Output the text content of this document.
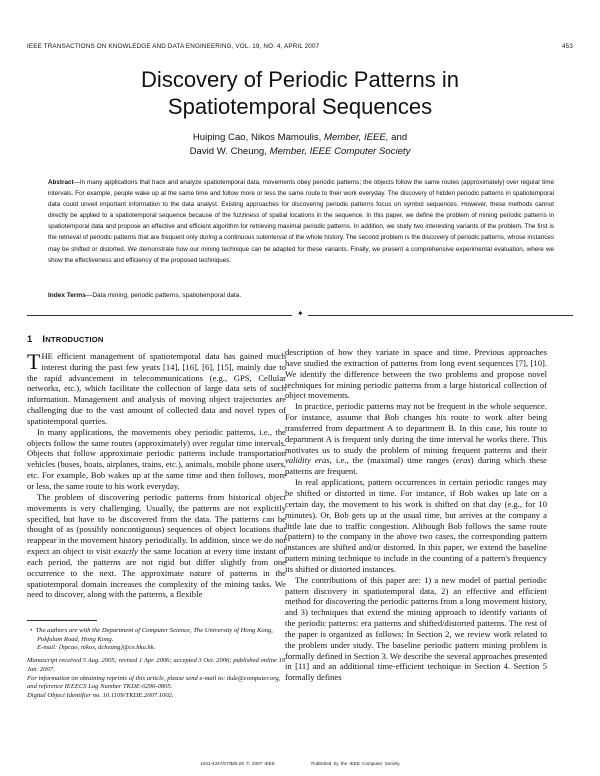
IEEE TRANSACTIONS ON KNOWLEDGE AND DATA ENGINEERING, VOL. 19, NO. 4, APRIL 2007	453
Discovery of Periodic Patterns in
Spatiotemporal Sequences
Huiping Cao, Nikos Mamoulis, Member, IEEE, and
David W. Cheung, Member, IEEE Computer Society
Abstract—In many applications that track and analyze spatiotemporal data, movements obey periodic patterns; the objects follow the same routes (approximately) over regular time intervals. For example, people wake up at the same time and follow more or less the same route to their work everyday. The discovery of hidden periodic patterns in spatiotemporal data could unveil important information to the data analyst. Existing approaches for discovering periodic patterns focus on symbol sequences. However, these methods cannot directly be applied to a spatiotemporal sequence because of the fuzziness of spatial locations in the sequence. In this paper, we define the problem of mining periodic patterns in spatiotemporal data and propose an effective and efficient algorithm for retrieving maximal periodic patterns. In addition, we study two interesting variants of the problem. The first is the retrieval of periodic patterns that are frequent only during a continuous subinterval of the whole history. The second problem is the discovery of periodic patterns, whose instances may be shifted or distorted. We demonstrate how our mining technique can be adapted for these variants. Finally, we present a comprehensive experimental evaluation, where we show the effectiveness and efficiency of the proposed techniques.
Index Terms—Data mining, periodic patterns, spatiotemporal data.
✦
1 INTRODUCTION

THE efficient management of spatiotemporal data has gained much interest during the past few years [14], [16], [6], [15], mainly due to the rapid advancement in telecommunications (e.g., GPS, Cellular networks, etc.), which facilitate the collection of large data sets of such information. Management and analysis of moving object trajectories are challenging due to the vast amount of collected data and novel types of spatiotemporal queries.

In many applications, the movements obey periodic patterns, i.e., the objects follow the same routes (approximately) over regular time intervals. Objects that follow approximate periodic patterns include transportation vehicles (buses, boats, airplanes, trains, etc.), animals, mobile phone users, etc. For example, Bob wakes up at the same time and then follows, more or less, the same route to his work everyday.

The problem of discovering periodic patterns from historical object movements is very challenging. Usually, the patterns are not explicitly specified, but have to be discovered from the data. The patterns can be thought of as (possibly noncontiguous) sequences of object locations that reappear in the movement history periodically. In addition, since we do not expect an object to visit exactly the same location at every time instant of each period, the patterns are not rigid but differ slightly from one occurrence to the next. The approximate nature of patterns in the spatiotemporal domain increases the complexity of the mining tasks. We need to discover, along with the patterns, a flexible

• The authors are with the Department of Computer Science, The University of Hong Kong, Pokfulam Road, Hong Kong.

E-mail: {hpcao, nikos, dcheung}@cs.hku.hk.

Manuscript received 5 Aug. 2005; revised 1 Apr. 2006; accepted 3 Oct. 2006; published online 19 Jan. 2007.

For information on obtaining reprints of this article, please send e-mail to: tkde@computer.org, and reference IEEECS Log Number TKDE-0296-0805.

Digital Object Identifier no. 10.1109/TKDE.2007.1002.

description of how they variate in space and time. Previous approaches have studied the extraction of patterns from long event sequences [7], [10]. We identify the difference between the two problems and propose novel techniques for mining periodic patterns from a large historical collection of object movements.

In practice, periodic patterns may not be frequent in the whole sequence. For instance, assume that Bob changes his route to work after being transferred from department A to department B. In this case, his route to department A is frequent only during the time interval he works there. This motivates us to study the problem of mining frequent patterns and their validity eras, i.e., the (maximal) time ranges (eras) during which these patterns are frequent.

In real applications, pattern occurrences in certain periodic ranges may be shifted or distorted in time. For instance, if Bob wakes up late on a certain day, the movement to his work is shifted on that day (e.g., for 10 minutes). Or, Bob gets up at the usual time, but arrives at the company a little late due to traffic congestion. Although Bob follows the same route (pattern) to the company in the above two cases, the corresponding pattern instances are shifted and/or distorted. In this paper, we extend the baseline pattern mining technique to include in the counting of a pattern's frequency its shifted or distorted instances.

The contributions of this paper are: 1) a new model of partial periodic pattern discovery in spatiotemporal data, 2) an effective and efficient method for discovering the periodic patterns from a long movement history, and 3) techniques that extend the mining approach to identify variants of the periodic patterns: era patterns and shifted/distorted patterns. The rest of the paper is organized as follows: In Section 2, we review work related to the problem under study. The baseline periodic pattern mining problem is formally defined in Section 3. We describe the several approaches presented in [11] and an additional time-efficient technique in Section 4. Section 5 formally defines

1041-4347/07/$25.00 © 2007 IEEE	Published by the IEEE Computer Society
